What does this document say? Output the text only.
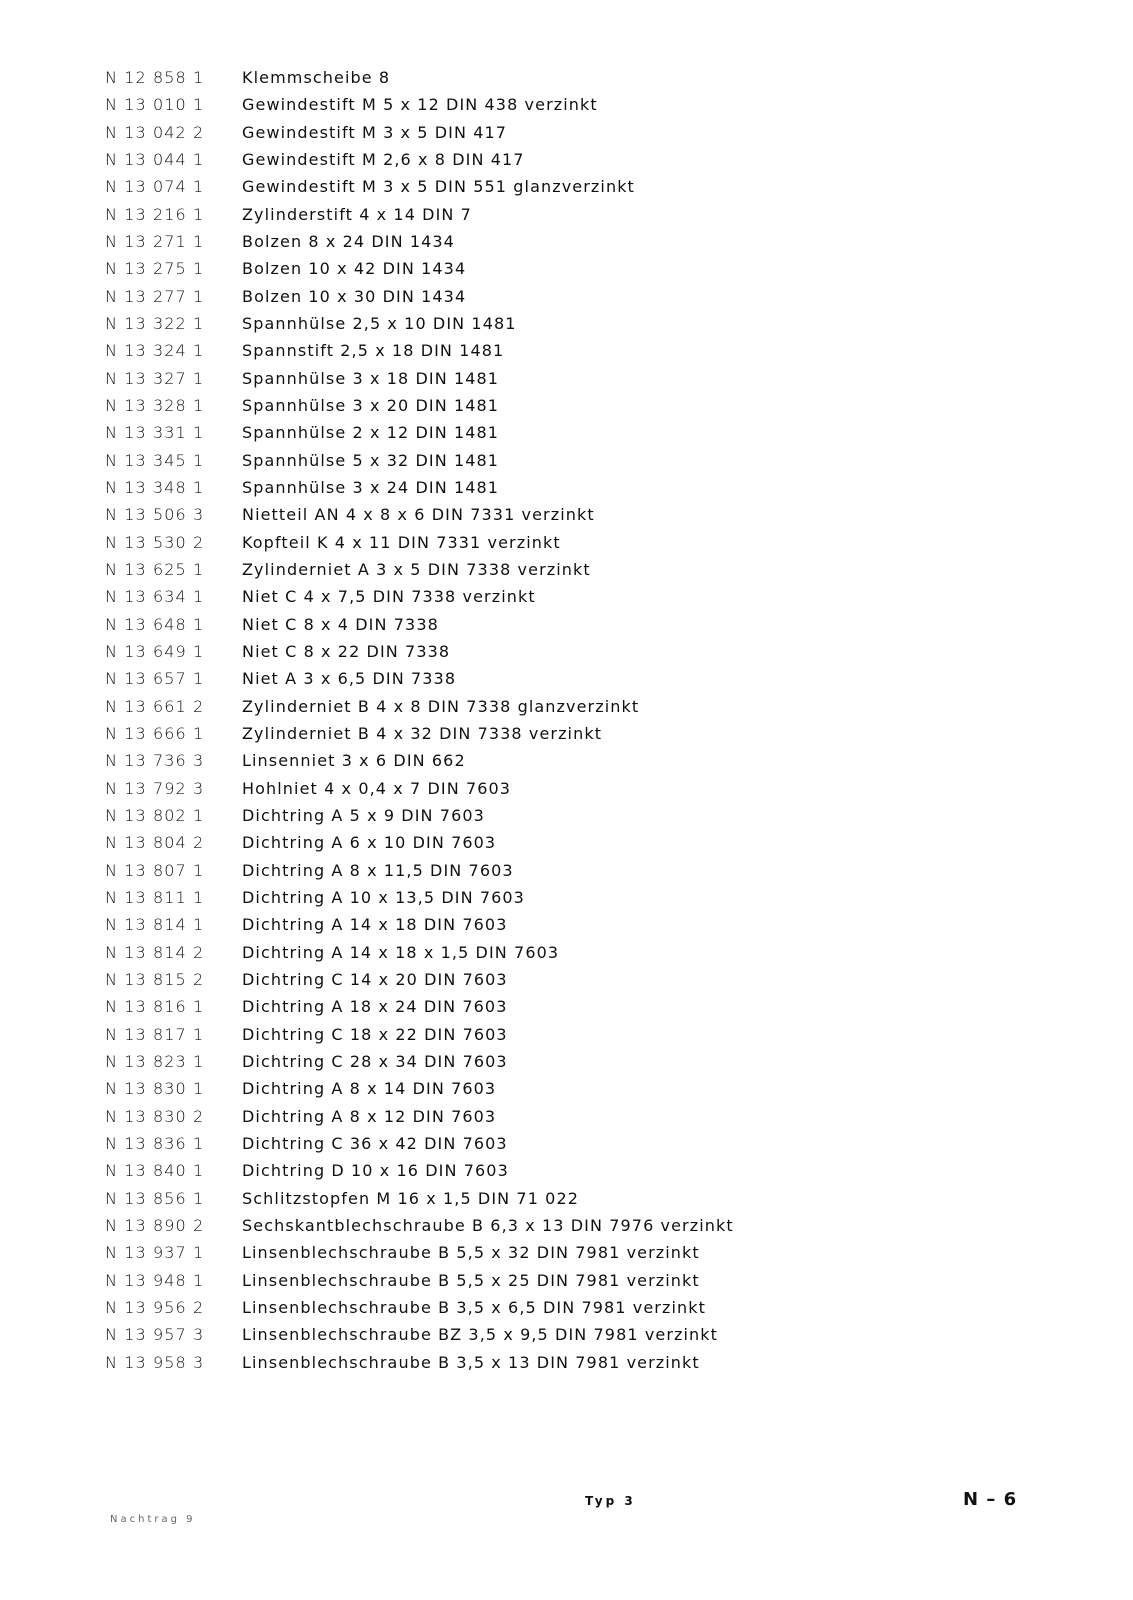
N 12 858 1	Klemmscheibe 8
N 13 010 1	Gewindestift M 5 x 12 DIN 438 verzinkt
N 13 042 2	Gewindestift M 3 x 5 DIN 417
N 13 044 1	Gewindestift M 2,6 x 8 DIN 417
N 13 074 1	Gewindestift M 3 x 5 DIN 551 glanzverzinkt
N 13 216 1	Zylinderstift 4 x 14 DIN 7
N 13 271 1	Bolzen 8 x 24 DIN 1434
N 13 275 1	Bolzen 10 x 42 DIN 1434
N 13 277 1	Bolzen 10 x 30 DIN 1434
N 13 322 1	Spannhülse 2,5 x 10 DIN 1481
N 13 324 1	Spannstift 2,5 x 18 DIN 1481
N 13 327 1	Spannhülse 3 x 18 DIN 1481
N 13 328 1	Spannhülse 3 x 20 DIN 1481
N 13 331 1	Spannhülse 2 x 12 DIN 1481
N 13 345 1	Spannhülse 5 x 32 DIN 1481
N 13 348 1	Spannhülse 3 x 24 DIN 1481
N 13 506 3	Nietteil AN 4 x 8 x 6 DIN 7331 verzinkt
N 13 530 2	Kopfteil K 4 x 11 DIN 7331 verzinkt
N 13 625 1	Zylinderniet A 3 x 5 DIN 7338 verzinkt
N 13 634 1	Niet C 4 x 7,5 DIN 7338 verzinkt
N 13 648 1	Niet C 8 x 4 DIN 7338
N 13 649 1	Niet C 8 x 22 DIN 7338
N 13 657 1	Niet A 3 x 6,5 DIN 7338
N 13 661 2	Zylinderniet B 4 x 8 DIN 7338 glanzverzinkt
N 13 666 1	Zylinderniet B 4 x 32 DIN 7338 verzinkt
N 13 736 3	Linsenniet 3 x 6 DIN 662
N 13 792 3	Hohlniet 4 x 0,4 x 7 DIN 7603
N 13 802 1	Dichtring A 5 x 9 DIN 7603
N 13 804 2	Dichtring A 6 x 10 DIN 7603
N 13 807 1	Dichtring A 8 x 11,5 DIN 7603
N 13 811 1	Dichtring A 10 x 13,5 DIN 7603
N 13 814 1	Dichtring A 14 x 18 DIN 7603
N 13 814 2	Dichtring A 14 x 18 x 1,5 DIN 7603
N 13 815 2	Dichtring C 14 x 20 DIN 7603
N 13 816 1	Dichtring A 18 x 24 DIN 7603
N 13 817 1	Dichtring C 18 x 22 DIN 7603
N 13 823 1	Dichtring C 28 x 34 DIN 7603
N 13 830 1	Dichtring A 8 x 14 DIN 7603
N 13 830 2	Dichtring A 8 x 12 DIN 7603
N 13 836 1	Dichtring C 36 x 42 DIN 7603
N 13 840 1	Dichtring D 10 x 16 DIN 7603
N 13 856 1	Schlitzstopfen M 16 x 1,5 DIN 71 022
N 13 890 2	Sechskantblechschraube B 6,3 x 13 DIN 7976 verzinkt
N 13 937 1	Linsenblechschraube B 5,5 x 32 DIN 7981 verzinkt
N 13 948 1	Linsenblechschraube B 5,5 x 25 DIN 7981 verzinkt
N 13 956 2	Linsenblechschraube B 3,5 x 6,5 DIN 7981 verzinkt
N 13 957 3	Linsenblechschraube BZ 3,5 x 9,5 DIN 7981 verzinkt
N 13 958 3	Linsenblechschraube B 3,5 x 13 DIN 7981 verzinkt
Typ 3	N – 6
Nachtrag 9
